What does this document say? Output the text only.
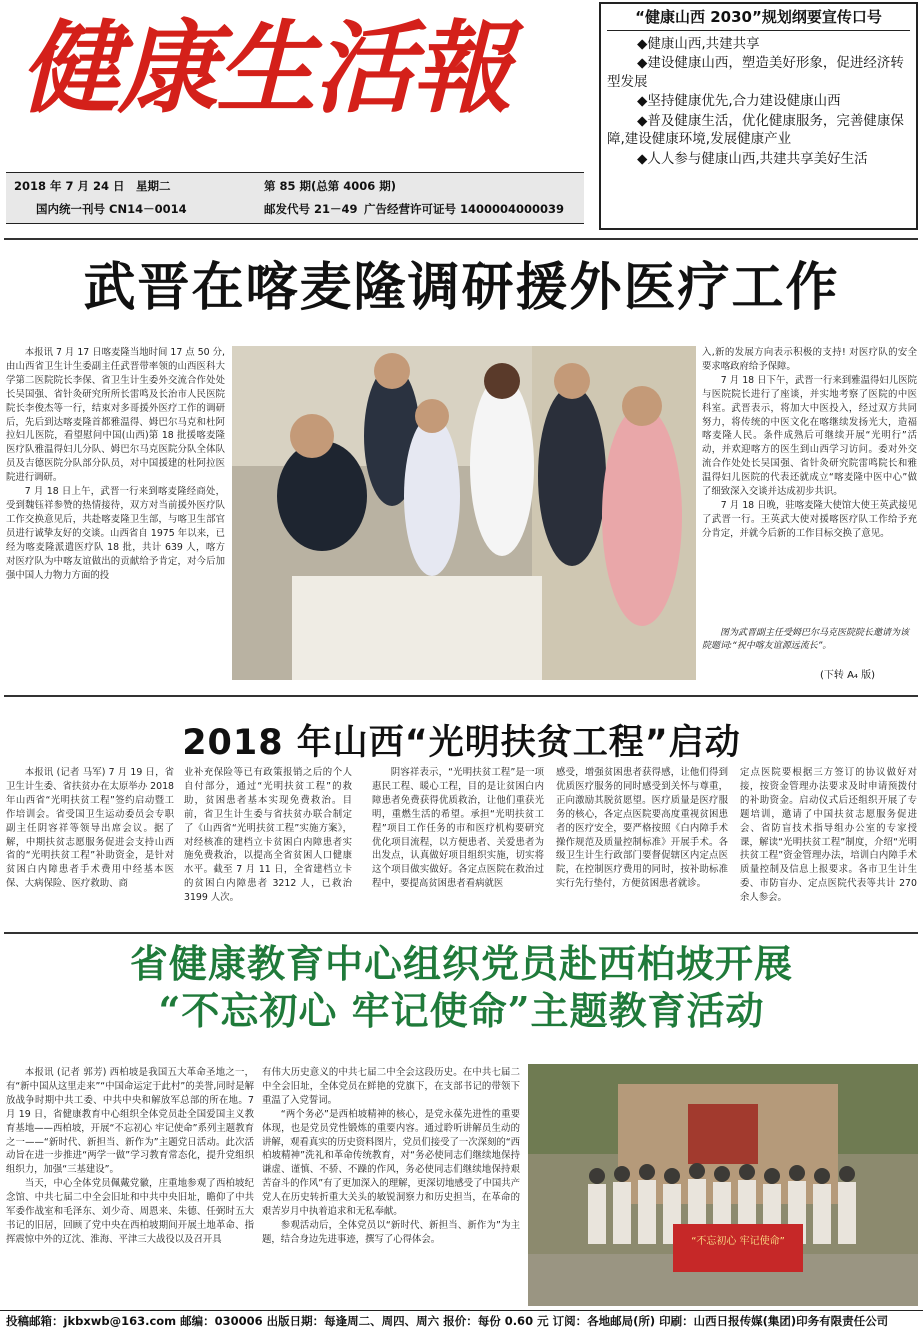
健康生活報
2018 年 7 月 24 日　星期二	第 85 期(总第 4006 期)
国内统一刊号 CN14－0014	邮发代号 21－49 广告经营许可证号 1400004000039
“健康山西 2030”规划纲要宣传口号
◆健康山西,共建共享
◆建设健康山西，塑造美好形象，促进经济转型发展
◆坚持健康优先,合力建设健康山西
◆普及健康生活，优化健康服务，完善健康保障,建设健康环境,发展健康产业
◆人人参与健康山西,共建共享美好生活
武晋在喀麦隆调研援外医疗工作

本报讯 7 月 17 日喀麦隆当地时间 17 点 50 分,由山西省卫生计生委副主任武晋带率领的山西医科大学第二医院院长李保、省卫生计生委外交流合作处处长吴国强、省针灸研究所所长雷鸣及长治市人民医院院长李俊杰等一行，结束对多哥援外医疗工作的调研后，先后到达喀麦隆首都雅温得、姆巴尔马克和杜阿拉妇儿医院，看望慰问中国(山西)第 18 批援喀麦隆医疗队雅温得妇儿分队、姆巴尔马克医院分队全体队员及吉德医院分队部分队员，对中国援建的杜阿拉医院进行调研。

7 月 18 日上午，武晋一行来到喀麦隆经商处，受到魏钰祥参赞的热情接待，双方对当前援外医疗队工作交换意见后，共赴喀麦隆卫生部，与喀卫生部官员进行诚挚友好的交谈。山西省自 1975 年以来，已经为喀麦隆派遣医疗队 18 批，共计 639 人，喀方对医疗队为中喀友谊做出的贡献给予肯定，对今后加强中国人力物力方面的投

入,新的发展方向表示积极的支持! 对医疗队的安全要求喀政府给予保障。

7 月 18 日下午，武晋一行来到雅温得妇儿医院与医院院长进行了座谈，并实地考察了医院的中医科室。武晋表示，将加大中医投入，经过双方共同努力，将传统的中医文化在喀继续发扬光大，造福喀麦隆人民。条件成熟后可继续开展“光明行”活动，并欢迎喀方的医生到山西学习访问。委对外交流合作处处长吴国强、省针灸研究院雷鸣院长和雅温得妇儿医院的代表还就成立“喀麦隆中医中心”做了细致深入交谈并达成初步共识。

7 月 18 日晚，驻喀麦隆大使馆大使王英武接见了武晋一行。王英武大使对援喀医疗队工作给予充分肯定，并就今后新的工作目标交换了意见。

图为武晋副主任受姆巴尔马克医院院长邀请为该院题词:“祝中喀友谊源远流长”。
(下转 A₄ 版)
2018 年山西“光明扶贫工程”启动

本报讯 (记者 马军) 7 月 19 日，省卫生计生委、省扶贫办在太原举办 2018 年山西省“光明扶贫工程”签约启动暨工作培训会。省受国卫生运动委员会专职副主任阴容祥等领导出席会议。据了解，中期扶贫志愿服务促进会支持山西省的“光明扶贫工程”补助资金，是针对贫困白内障患者手术费用中经基本医保、大病保险、医疗救助、商

业补充保险等已有政策报销之后的个人自付部分，通过“光明扶贫工程”的救助，贫困患者基本实现免费救治。目前，省卫生计生委与省扶贫办联合制定了《山西省“光明扶贫工程”实施方案》，对经核准的建档立卡贫困白内障患者实施免费救治，以提高全省贫困人口健康水平。截至 7 月 11 日，全省建档立卡的贫困白内障患者 3212 人，已救治 3199 人次。

阴容祥表示，“光明扶贫工程”是一项惠民工程、暖心工程，目的是让贫困白内障患者免费获得优质救治，让他们重获光明，重燃生活的希望。承担“光明扶贫工程”项目工作任务的市和医疗机构要研究优化项目流程，以方便患者、关爱患者为出发点，认真做好项目组织实施，切实将这个项目做实做好。各定点医院在救治过程中，要提高贫困患者看病就医

感受，增强贫困患者获得感，让他们得到优质医疗服务的同时感受到关怀与尊重，正向激励其脱贫愿望。医疗质量是医疗服务的核心，各定点医院要高度重视贫困患者的医疗安全，要严格按照《白内障手术操作规范及质量控制标准》开展手术。各级卫生计生行政部门要督促辖区内定点医院，在控制医疗费用的同时，按补助标准实行先行垫付，方便贫困患者就诊。

定点医院要根据三方签订的协议做好对接，按资金管理办法要求及时申请预拨付的补助资金。启动仪式后还组织开展了专题培训，邀请了中国扶贫志愿服务促进会、省防盲技术指导组办公室的专家授课，解读“光明扶贫工程”制度，介绍“光明扶贫工程”资金管理办法，培训白内障手术质量控制及信息上报要求。各市卫生计生委、市防盲办、定点医院代表等共计 270 余人参会。

省健康教育中心组织党员赴西柏坡开展
“不忘初心 牢记使命”主题教育活动

本报讯 (记者 郭芳) 西柏坡是我国五大革命圣地之一，有“新中国从这里走来”“中国命运定于此村”的美誉,同时是解放战争时期中共工委、中共中央和解放军总部的所在地。7 月 19 日，省健康教育中心组织全体党员赴全国爱国主义教育基地——西柏坡，开展“不忘初心 牢记使命”系列主题教育之一——“新时代、新担当、新作为”主题党日活动。此次活动旨在进一步推进“两学一做”学习教育常态化，提升党组织组织力，加强“三基建设”。

当天，中心全体党员佩戴党徽，庄重地参观了西柏坡纪念馆、中共七届二中全会旧址和中共中央旧址，瞻仰了中共军委作战室和毛泽东、刘少奇、周恩来、朱德、任弼时五大书记的旧居，回顾了党中央在西柏坡期间开展土地革命、指挥震惊中外的辽沈、淮海、平津三大战役以及召开具

有伟大历史意义的中共七届二中全会这段历史。在中共七届二中全会旧址，全体党员在鲜艳的党旗下，在支部书记的带领下重温了入党誓词。

“两个务必”是西柏坡精神的核心，是党永葆先进性的重要体现，也是党员党性锻炼的重要内容。通过聆听讲解员生动的讲解，观看真实的历史资料图片，党员们接受了一次深刻的“西柏坡精神”洗礼和革命传统教育，对“务必使同志们继续地保持谦虚、谨慎、不骄、不躁的作风，务必使同志们继续地保持艰苦奋斗的作风”有了更加深入的理解，更深切地感受了中国共产党人在历史转折重大关头的敏锐洞察力和历史担当，在革命的艰苦岁月中执着追求和无私奉献。

参观活动后，全体党员以“新时代、新担当、新作为”为主题，结合身边先进事迹，撰写了心得体会。	“不忘初心 牢记使命”
投稿邮箱：jkbxwb@163.com 邮编：030006 出版日期：每逢周二、周四、周六 报价：每份 0.60 元 订阅：各地邮局(所) 印刷：山西日报传媒(集团)印务有限责任公司
